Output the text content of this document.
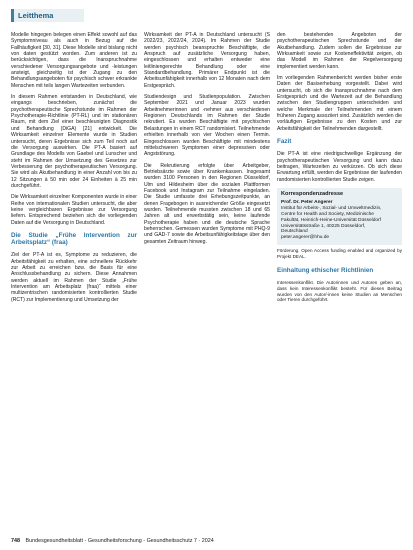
Leitthema

Modelle hingegen belegen einen Effekt sowohl auf das Symptomniveau als auch in Bezug auf die Fallhäufigkeit [30, 31]. Diese Modelle sind bislang nicht von daten gestützt worden. Zum anderen ist zu berücksichtigen, dass die Inanspruchnahme verschiedener Versorgungsangebote und -leistungen ansteigt, gleichzeitig ist der Zugang zu den Behandlungsangeboten für psychisch schwer erkrankte Menschen mit teils langen Wartezeiten verbunden.

In diesem Rahmen entstanden in Deutschland, wie eingangs beschrieben, zunächst die psychotherapeutische Sprechstunde im Rahmen der Psychotherapie-Richtlinie (PT-RL) und im stationären Raum, mit dem Ziel einer beschleunigten Diagnostik und Behandlung (DiGA) [21] entwickelt. Die Wirksamkeit einzelner Elemente wurde in Studien untersucht, deren Ergebnisse sich zum Teil noch auf die Versorgung auswirken. Die PT-A basiert auf Grundlage des Modells von Gaebel und Lunscher und steht im Rahmen der Umsetzung des Gesetzes zur Verbesserung der psychotherapeutischen Versorgung. Sie wird als Akutbehandlung in einer Anzahl von bis zu 12 Sitzungen à 50 min oder 24 Einheiten à 25 min durchgeführt.

Die Wirksamkeit einzelner Komponenten wurde in einer Reihe von internationalen Studien untersucht, die aber keine vergleichbaren Ergebnisse zur Versorgung liefern. Entsprechend beziehen sich die vorliegenden Daten auf die Versorgung in Deutschland.

Die Studie „Frühe Intervention zur Arbeitsplatz“ (fraa)

Ziel der PT-A ist es, Symptome zu reduzieren, die Arbeitsfähigkeit zu erhalten, eine schnellere Rückkehr zur Arbeit zu erreichen bzw. die Basis für eine Anschlussbehandlung zu sichern. Diese Annahmen werden aktuell im Rahmen der Studie „Frühe Intervention am Arbeitsplatz (fraa)“ mittels einer multizentrischen randomisierten kontrollierten Studie (RCT) zur Implementierung und Umsetzung der

Wirksamkeit der PT-A in Deutschland untersucht (S 2022/23, 2022/24, 2024). Im Rahmen der Studie werden psychisch beanspruchte Beschäftigte, die Anspruch auf zusätzliche Versorgung haben, eingeschlossen und erhalten entweder eine leitliniengerechte Behandlung oder eine Standardbehandlung. Primärer Endpunkt ist die Arbeitsunfähigkeit innerhalb von 12 Monaten nach dem Erstgespräch.

Studiendesign und Studienpopulation. Zwischen September 2021 und Januar 2023 wurden Arbeitnehmerinnen und -nehmer aus verschiedenen Regionen Deutschlands im Rahmen der Studie rekrutiert. Es wurden Beschäftigte mit psychischen Belastungen in einem RCT randomisiert. Teilnehmende erhielten innerhalb von vier Wochen einen Termin. Eingeschlossen wurden Beschäftigte mit mindestens mittelschweren Symptomen einer depressiven oder Angststörung.

Die Rekrutierung erfolgte über Arbeitgeber, Betriebsärzte sowie über Krankenkassen. Insgesamt wurden 3100 Personen in den Regionen Düsseldorf, Ulm und Hildesheim über die sozialen Plattformen Facebook und Instagram zur Teilnahme eingeladen. Die Studie umfasste drei Erhebungszeitpunkte, an denen Fragebogen in ausreichender Größe eingesetzt wurden. Teilnehmende mussten zwischen 18 und 65 Jahren alt und erwerbstätig sein, keine laufende Psychotherapie haben und die deutsche Sprache beherrschen. Gemessen wurden Symptome mit PHQ-9 und GAD-7 sowie die Arbeitsunfähigkeitstage über den gesamten Zeitraum hinweg.

den bestehenden Angeboten der psychotherapeutischen Sprechstunde und der Akutbehandlung. Zudem sollen die Ergebnisse zur Wirksamkeit sowie zur Kosteneffektivität zeigen, ob das Modell im Rahmen der Regelversorgung implementiert werden kann.

Im vorliegenden Rahmenbericht werden bisher erste Daten der Basiserhebung vorgestellt. Dabei wird untersucht, ob sich die Inanspruchnahme nach dem Erstgespräch und die Wartezeit auf die Behandlung zwischen den Studiengruppen unterscheiden und welche Merkmale der Teilnehmenden mit einem früheren Zugang assoziiert sind. Zusätzlich werden die vorläufigen Ergebnisse zu den Kosten und zur Arbeitsfähigkeit der Teilnehmenden dargestellt.

Fazit

Die PT-A ist eine niedrigschwellige Ergänzung der psychotherapeutischen Versorgung und kann dazu beitragen, Wartezeiten zu verkürzen. Ob sich diese Erwartung erfüllt, werden die Ergebnisse der laufenden randomisierten kontrollierten Studie zeigen.

Korrespondenzadresse
Prof. Dr. Peter Angerer
Institut für Arbeits-, Sozial- und Umweltmedizin,
Centre for Health and Society, Medizinische
Fakultät, Heinrich-Heine-Universität Düsseldorf
Universitätsstraße 1, 40225 Düsseldorf,
Deutschland
peter.angerer@hhu.de
Förderung. Open Access funding enabled and organized by Projekt DEAL.
Einhaltung ethischer Richtlinien
Interessenkonflikt. Die Autorinnen und Autoren geben an, dass kein Interessenkonflikt besteht. Für diesen Beitrag wurden von den Autor/-innen keine Studien an Menschen oder Tieren durchgeführt.
748 Bundesgesundheitsblatt - Gesundheitsforschung - Gesundheitsschutz 7 · 2024
